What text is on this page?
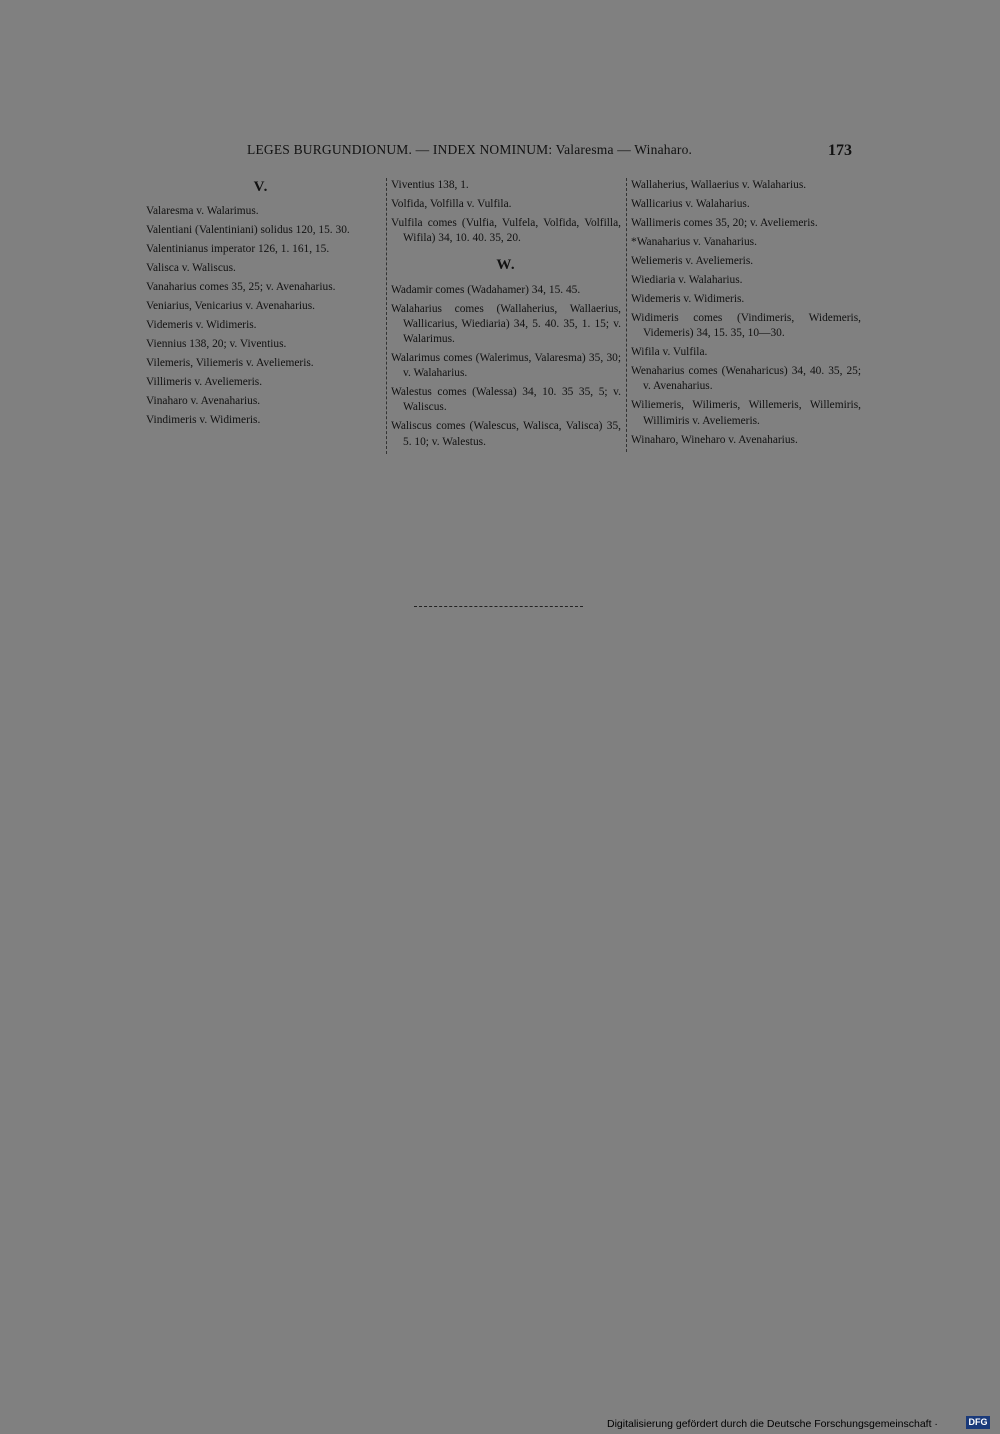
LEGES BURGUNDIONUM. — INDEX NOMINUM: Valaresma — Winaharo.	173
V.
Valaresma v. Walarimus.
Valentiani (Valentiniani) solidus 120, 15. 30.
Valentinianus imperator 126, 1. 161, 15.
Valisca v. Waliscus.
Vanaharius comes 35, 25; v. Avenaharius.
Veniarius, Venicarius v. Avenaharius.
Videmeris v. Widimeris.
Viennius 138, 20; v. Viventius.
Vilemeris, Viliemeris v. Aveliemeris.
Villimeris v. Aveliemeris.
Vinaharo v. Avenaharius.
Vindimeris v. Widimeris.
Viventius 138, 1.
Volfida, Volfilla v. Vulfila.
Vulfila comes (Vulfia, Vulfela, Volfida, Volfilla, Wifila) 34, 10. 40. 35, 20.
W.
Wadamir comes (Wadahamer) 34, 15. 45.
Walaharius comes (Wallaherius, Wallaerius, Wallicarius, Wiediaria) 34, 5. 40. 35, 1. 15; v. Walarimus.
Walarimus comes (Walerimus, Valaresma) 35, 30; v. Walaharius.
Walestus comes (Walessa) 34, 10. 35 35, 5; v. Waliscus.
Waliscus comes (Walescus, Walisca, Valisca) 35, 5. 10; v. Walestus.
Wallaherius, Wallaerius v. Walaharius.
Wallicarius v. Walaharius.
Wallimeris comes 35, 20; v. Aveliemeris.
*Wanaharius v. Vanaharius.
Weliemeris v. Aveliemeris.
Wiediaria v. Walaharius.
Widemeris v. Widimeris.
Widimeris comes (Vindimeris, Widemeris, Videmeris) 34, 15. 35, 10—30.
Wifila v. Vulfila.
Wenaharius comes (Wenaharicus) 34, 40. 35, 25; v. Avenaharius.
Wiliemeris, Wilimeris, Willemeris, Willemiris, Willimiris v. Aveliemeris.
Winaharo, Wineharo v. Avenaharius.
Digitalisierung gefördert durch die Deutsche Forschungsgemeinschaft ·	DFG
